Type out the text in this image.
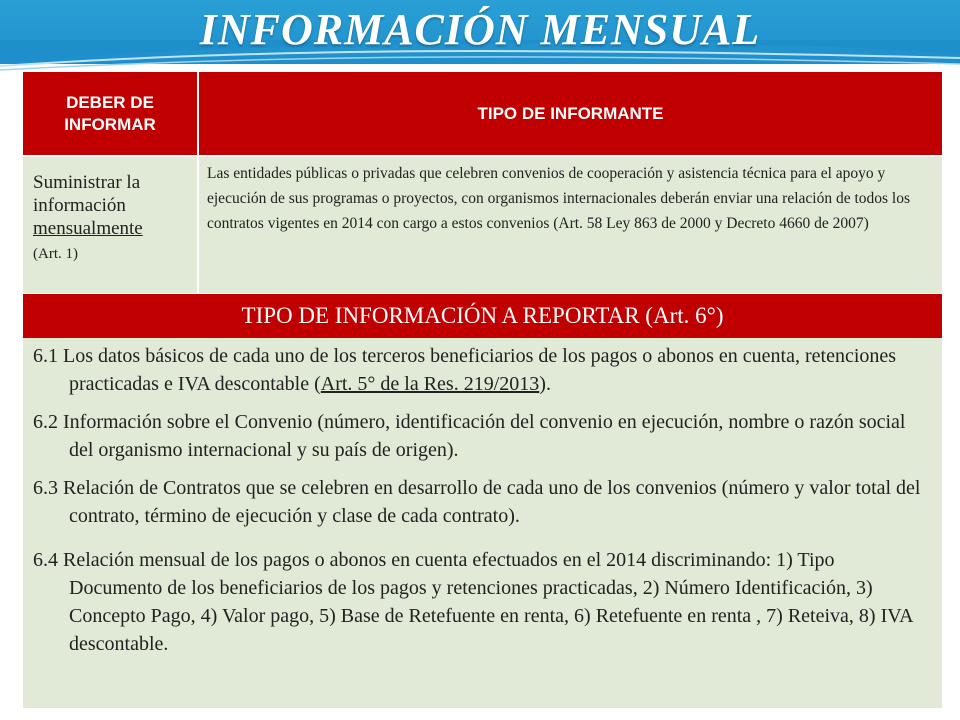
INFORMACIÓN MENSUAL
DEBER DE INFORMAR
TIPO DE INFORMANTE
Suministrar la información
mensualmente
(Art. 1)
Las entidades públicas o privadas que celebren convenios de cooperación y asistencia técnica para el apoyo y ejecución de sus programas o proyectos, con organismos internacionales deberán enviar una relación de todos los contratos vigentes en 2014 con cargo a estos convenios (Art. 58 Ley 863 de 2000 y Decreto 4660 de 2007)
TIPO DE INFORMACIÓN A REPORTAR (Art. 6°)
6.1 Los datos básicos de cada uno de los terceros beneficiarios de los pagos o abonos en cuenta, retenciones practicadas e IVA descontable (Art. 5° de la Res. 219/2013).
6.2 Información sobre el Convenio (número, identificación del convenio en ejecución, nombre o razón social del organismo internacional y su país de origen).
6.3 Relación de Contratos que se celebren en desarrollo de cada uno de los convenios (número y valor total del contrato, término de ejecución y clase de cada contrato).
6.4 Relación mensual de los pagos o abonos en cuenta efectuados en el 2014 discriminando: 1) Tipo Documento de los beneficiarios de los pagos y retenciones practicadas, 2) Número Identificación, 3) Concepto Pago, 4) Valor pago, 5) Base de Retefuente en renta, 6) Retefuente en renta , 7) Reteiva, 8) IVA descontable.
